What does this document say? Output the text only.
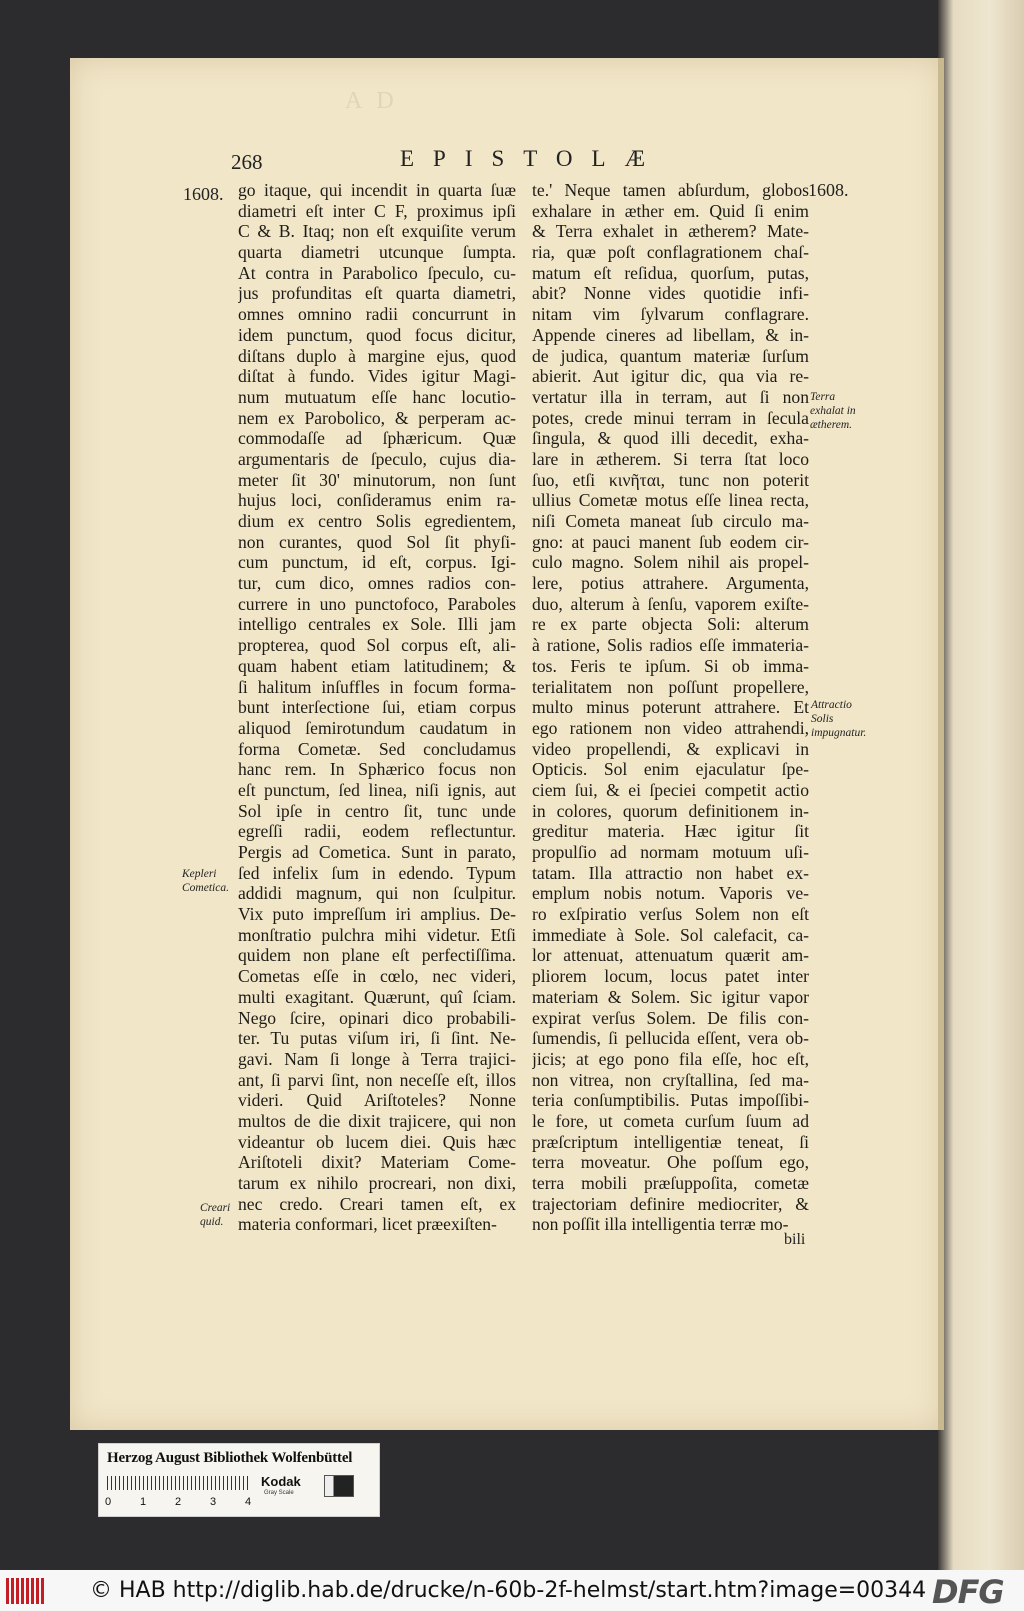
AD
268	EPISTOLÆ
1608.	1608.
go itaque, qui incendit in quarta ſuæ
diametri eſt inter C F, proximus ipſi
C & B. Itaq; non eſt exquiſite verum
quarta diametri utcunque ſumpta.
At contra in Parabolico ſpeculo, cu-
jus profunditas eſt quarta diametri,
omnes omnino radii concurrunt in
idem punctum, quod focus dicitur,
diſtans duplo à margine ejus, quod
diſtat à fundo. Vides igitur Magi-
num mutuatum eſſe hanc locutio-
nem ex Parobolico, & perperam ac-
commodaſſe ad ſphæricum. Quæ
argumentaris de ſpeculo, cujus dia-
meter ſit 30' minutorum, non ſunt
hujus loci, conſideramus enim ra-
dium ex centro Solis egredientem,
non curantes, quod Sol ſit phyſi-
cum punctum, id eſt, corpus. Igi-
tur, cum dico, omnes radios con-
currere in uno punctofoco, Paraboles
intelligo centrales ex Sole. Illi jam
propterea, quod Sol corpus eſt, ali-
quam habent etiam latitudinem; &
ſi halitum inſuffles in focum forma-
bunt interſectione ſui, etiam corpus
aliquod ſemirotundum caudatum in
forma Cometæ. Sed concludamus
hanc rem. In Sphærico focus non
eſt punctum, ſed linea, niſi ignis, aut
Sol ipſe in centro ſit, tunc unde
egreſſi radii, eodem reflectuntur.
Pergis ad Cometica. Sunt in parato,
ſed infelix ſum in edendo. Typum
addidi magnum, qui non ſculpitur.
Vix puto impreſſum iri amplius. De-
monſtratio pulchra mihi videtur. Etſi
quidem non plane eſt perfectiſſima.
Cometas eſſe in cœlo, nec videri,
multi exagitant. Quærunt, quî ſciam.
Nego ſcire, opinari dico probabili-
ter. Tu putas viſum iri, ſi ſint. Ne-
gavi. Nam ſi longe à Terra trajici-
ant, ſi parvi ſint, non neceſſe eſt, illos
videri. Quid Ariſtoteles? Nonne
multos de die dixit trajicere, qui non
videantur ob lucem diei. Quis hæc
Ariſtoteli dixit? Materiam Come-
tarum ex nihilo procreari, non dixi,
nec credo. Creari tamen eſt, ex
materia conformari, licet præexiſten-
te.' Neque tamen abſurdum, globos
exhalare in æther em. Quid ſi enim
& Terra exhalet in ætherem? Mate-
ria, quæ poſt conflagrationem chaſ-
matum eſt reſidua, quorſum, putas,
abit? Nonne vides quotidie infi-
nitam vim ſylvarum conflagrare.
Appende cineres ad libellam, & in-
de judica, quantum materiæ ſurſum
abierit. Aut igitur dic, qua via re-
vertatur illa in terram, aut ſi non
potes, crede minui terram in ſecula
ſingula, & quod illi decedit, exha-
lare in ætherem. Si terra ſtat loco
ſuo, etſi κινῆται, tunc non poterit
ullius Cometæ motus eſſe linea recta,
niſi Cometa maneat ſub circulo ma-
gno: at pauci manent ſub eodem cir-
culo magno. Solem nihil ais propel-
lere, potius attrahere. Argumenta,
duo, alterum à ſenſu, vaporem exiſte-
re ex parte objecta Soli: alterum
à ratione, Solis radios eſſe immateria-
tos. Feris te ipſum. Si ob imma-
terialitatem non poſſunt propellere,
multo minus poterunt attrahere. Et
ego rationem non video attrahendi,
video propellendi, & explicavi in
Opticis. Sol enim ejaculatur ſpe-
ciem ſui, & ei ſpeciei competit actio
in colores, quorum definitionem in-
greditur materia. Hæc igitur ſit
propulſio ad normam motuum uſi-
tatam. Illa attractio non habet ex-
emplum nobis notum. Vaporis ve-
ro exſpiratio verſus Solem non eſt
immediate à Sole. Sol calefacit, ca-
lor attenuat, attenuatum quærit am-
pliorem locum, locus patet inter
materiam & Solem. Sic igitur vapor
expirat verſus Solem. De filis con-
ſumendis, ſi pellucida eſſent, vera ob-
jicis; at ego pono fila eſſe, hoc eſt,
non vitrea, non cryſtallina, ſed ma-
teria conſumptibilis. Putas impoſſibi-
le fore, ut cometa curſum ſuum ad
præſcriptum intelligentiæ teneat, ſi
terra moveatur. Ohe poſſum ego,
terra mobili præſuppoſita, cometæ
trajectoriam definire mediocriter, &
non poſſit illa intelligentia terræ mo-
Kepleri Cometica.
Creari quid.
Terra exhalat in ætherem.
Attractio Solis impugnatur.
bili
Herzog August Bibliothek Wolfenbüttel
0	1	2	3	4
Kodak
Gray Scale
© HAB http://diglib.hab.de/drucke/n-60b-2f-helmst/start.htm?image=00344 DFG
